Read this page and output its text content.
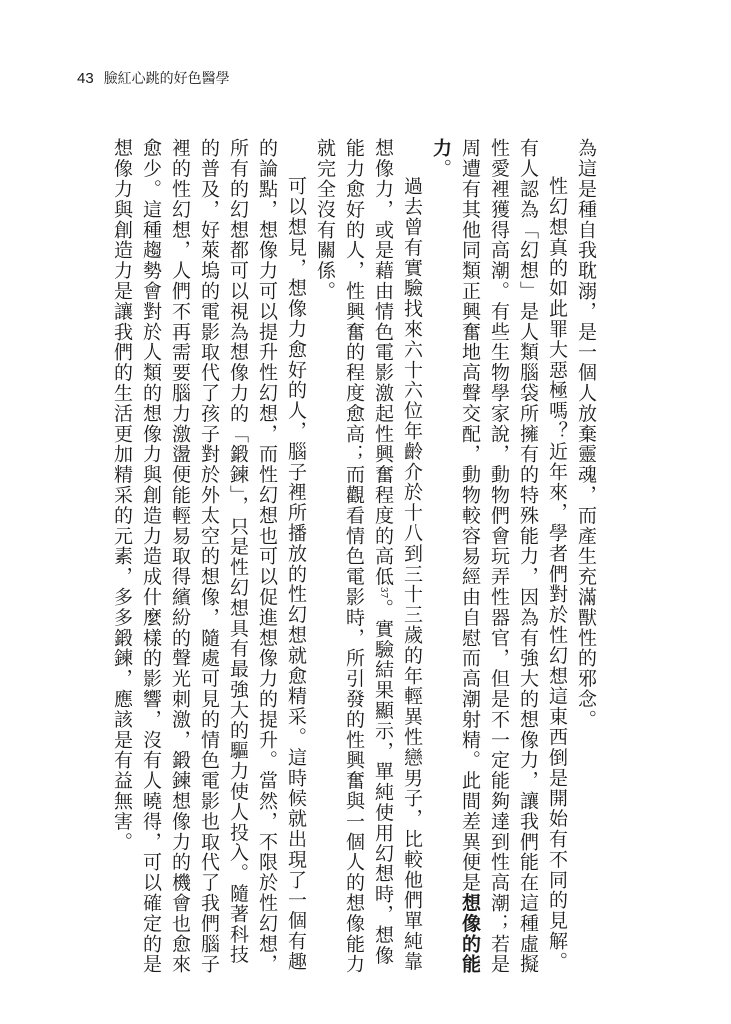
43 臉紅心跳的好色醫學

為這是種自我耽溺，是一個人放棄靈魂，而產生充滿獸性的邪念。

性幻想真的如此罪大惡極嗎？近年來，學者們對於性幻想這東西倒是開始有不同的見解。有人認為「幻想」是人類腦袋所擁有的特殊能力，因為有強大的想像力，讓我們能在這種虛擬性愛裡獲得高潮。有些生物學家說，動物們會玩弄性器官，但是不一定能夠達到性高潮；若是周遭有其他同類正興奮地高聲交配，動物較容易經由自慰而高潮射精。此間差異便是想像的能力。

過去曾有實驗找來六十六位年齡介於十八到三十三歲的年輕異性戀男子，比較他們單純靠想像力，或是藉由情色電影激起性興奮程度的高低37。實驗結果顯示，單純使用幻想時，想像能力愈好的人，性興奮的程度愈高；而觀看情色電影時，所引發的性興奮與一個人的想像能力就完全沒有關係。

可以想見，想像力愈好的人，腦子裡所播放的性幻想就愈精采。這時候就出現了一個有趣的論點，想像力可以提升性幻想，而性幻想也可以促進想像力的提升。當然，不限於性幻想，所有的幻想都可以視為想像力的「鍛鍊」，只是性幻想具有最強大的驅力使人投入。隨著科技的普及，好萊塢的電影取代了孩子對於外太空的想像，隨處可見的情色電影也取代了我們腦子裡的性幻想，人們不再需要腦力激盪便能輕易取得繽紛的聲光刺激，鍛鍊想像力的機會也愈來愈少。這種趨勢會對於人類的想像力與創造力造成什麼樣的影響，沒有人曉得，可以確定的是想像力與創造力是讓我們的生活更加精采的元素，多多鍛鍊，應該是有益無害。
